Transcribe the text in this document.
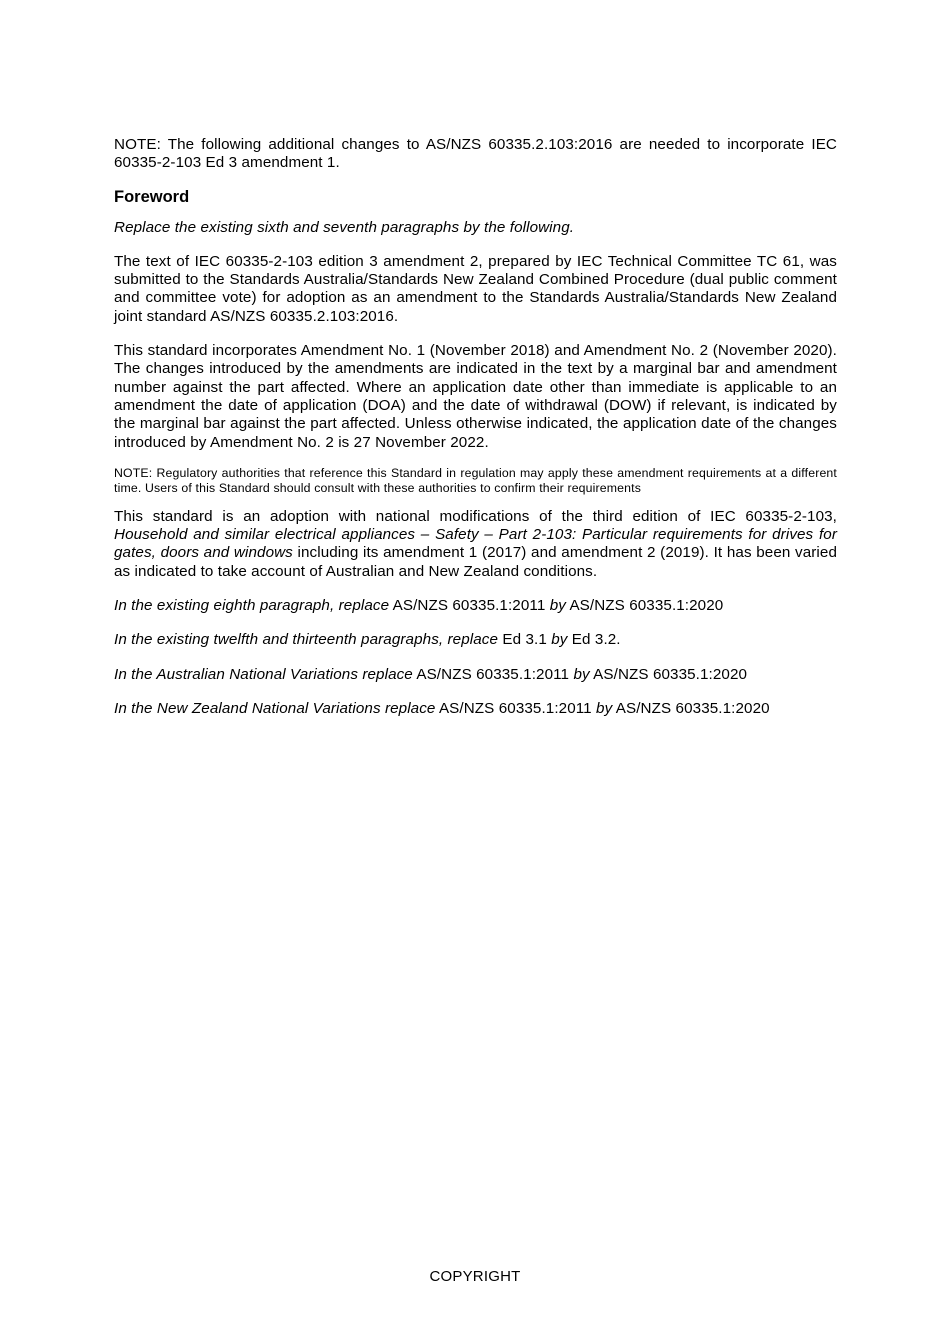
NOTE: The following additional changes to AS/NZS 60335.2.103:2016 are needed to incorporate IEC 60335-2-103 Ed 3 amendment 1.

Foreword

Replace the existing sixth and seventh paragraphs by the following.

The text of IEC 60335-2-103 edition 3 amendment 2, prepared by IEC Technical Committee TC 61, was submitted to the Standards Australia/Standards New Zealand Combined Procedure (dual public comment and committee vote) for adoption as an amendment to the Standards Australia/Standards New Zealand joint standard AS/NZS 60335.2.103:2016.

This standard incorporates Amendment No. 1 (November 2018) and Amendment No. 2 (November 2020). The changes introduced by the amendments are indicated in the text by a marginal bar and amendment number against the part affected. Where an application date other than immediate is applicable to an amendment the date of application (DOA) and the date of withdrawal (DOW) if relevant, is indicated by the marginal bar against the part affected. Unless otherwise indicated, the application date of the changes introduced by Amendment No. 2 is 27 November 2022.

NOTE: Regulatory authorities that reference this Standard in regulation may apply these amendment requirements at a different time. Users of this Standard should consult with these authorities to confirm their requirements

This standard is an adoption with national modifications of the third edition of IEC 60335-2-103, Household and similar electrical appliances – Safety – Part 2-103: Particular requirements for drives for gates, doors and windows including its amendment 1 (2017) and amendment 2 (2019). It has been varied as indicated to take account of Australian and New Zealand conditions.

In the existing eighth paragraph, replace AS/NZS 60335.1:2011 by AS/NZS 60335.1:2020

In the existing twelfth and thirteenth paragraphs, replace Ed 3.1 by Ed 3.2.

In the Australian National Variations replace AS/NZS 60335.1:2011 by AS/NZS 60335.1:2020

In the New Zealand National Variations replace AS/NZS 60335.1:2011 by AS/NZS 60335.1:2020

COPYRIGHT
